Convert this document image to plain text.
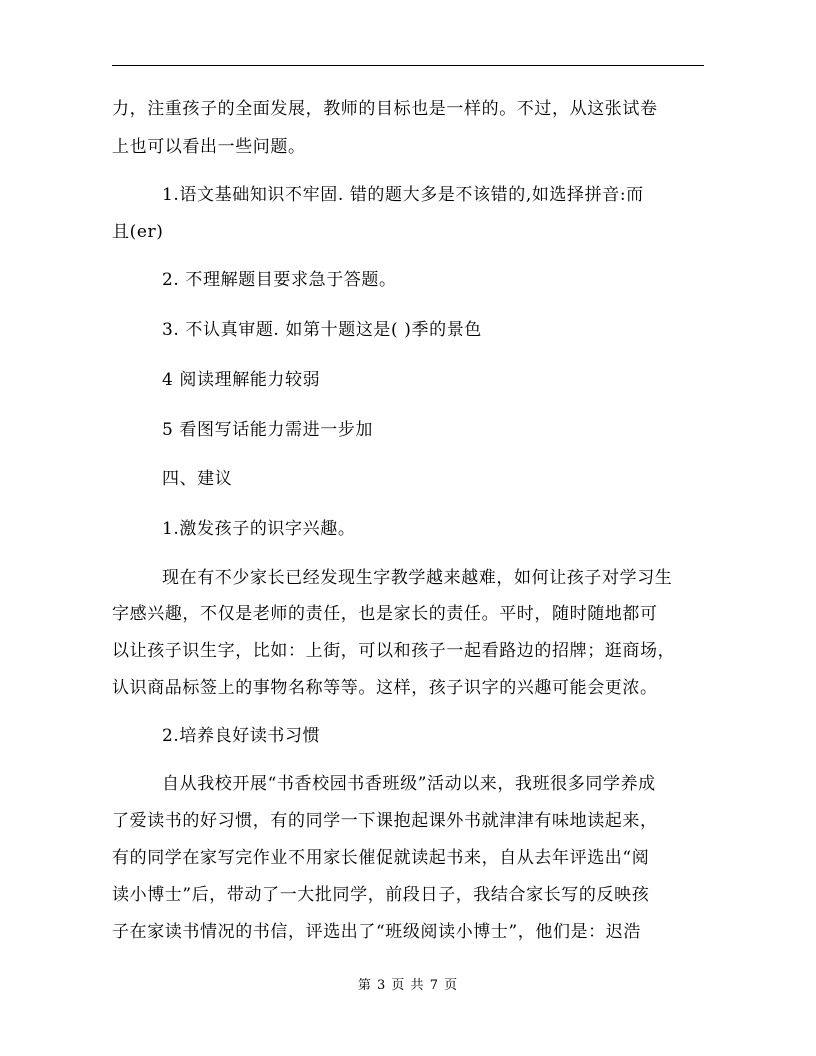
力，注重孩子的全面发展，教师的目标也是一样的。不过，从这张试卷
上也可以看出一些问题。
1.语文基础知识不牢固. 错的题大多是不该错的,如选择拼音:而
且(er)
2. 不理解题目要求急于答题。
3. 不认真审题. 如第十题这是( )季的景色
4 阅读理解能力较弱
5 看图写话能力需进一步加
四、建议
1.激发孩子的识字兴趣。
现在有不少家长已经发现生字教学越来越难，如何让孩子对学习生
字感兴趣，不仅是老师的责任，也是家长的责任。平时，随时随地都可
以让孩子识生字，比如：上街，可以和孩子一起看路边的招牌；逛商场，
认识商品标签上的事物名称等等。这样，孩子识字的兴趣可能会更浓。
2.培养良好读书习惯
自从我校开展“书香校园书香班级”活动以来，我班很多同学养成
了爱读书的好习惯，有的同学一下课抱起课外书就津津有味地读起来，
有的同学在家写完作业不用家长催促就读起书来，自从去年评选出“阅
读小博士”后，带动了一大批同学，前段日子，我结合家长写的反映孩
子在家读书情况的书信，评选出了“班级阅读小博士”，他们是：迟浩
第 3 页 共 7 页
